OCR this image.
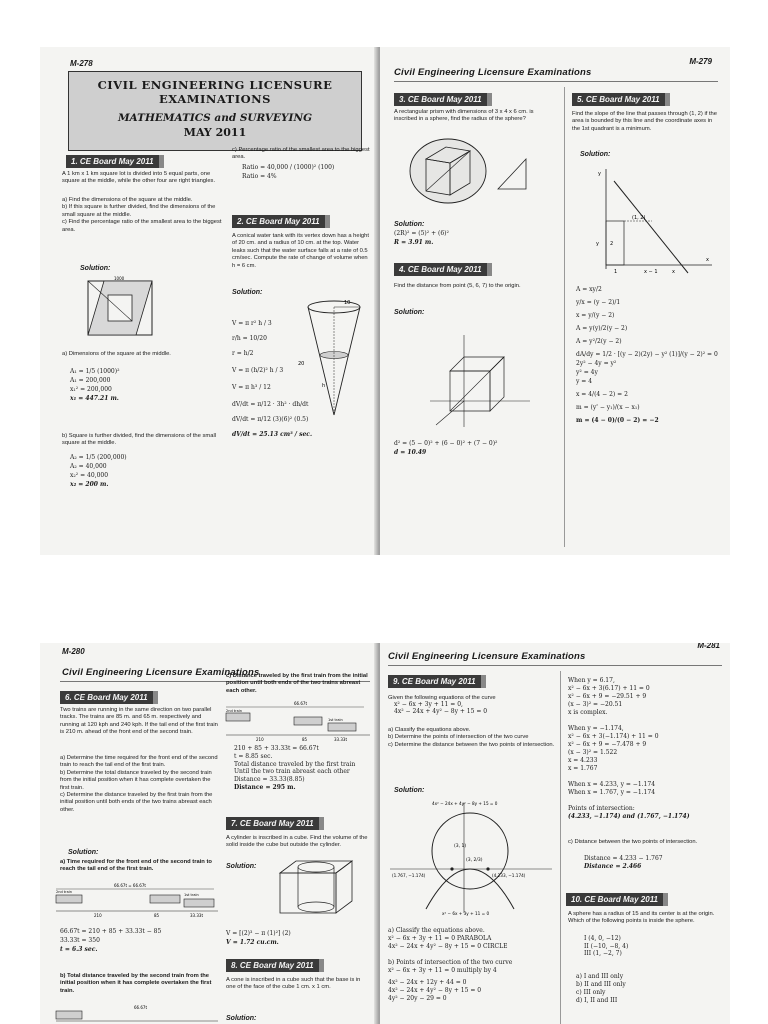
M-278
CIVIL ENGINEERING LICENSURE EXAMINATIONS
MATHEMATICS and SURVEYING
MAY 2011
1. CE Board May 2011
A 1 km x 1 km square lot is divided into 5 equal parts, one square at the middle, while the other four are right triangles.
a) Find the dimensions of the square at the middle.
b) If this square is further divided, find the dimensions of the small square at the middle.
c) Find the percentage ratio of the smallest area to the biggest area.
Solution:
1000
a) Dimensions of the square at the middle.
A₁ = 1/5 (1000)²
A₁ = 200,000
x₁² = 200,000
x₁ = 447.21 m.
b) Square is further divided, find the dimensions of the small square at the middle.
A₂ = 1/5 (200,000)
A₂ = 40,000
x₂² = 40,000
x₂ = 200 m.
c) Percentage ratio of the smallest area to the biggest area.
Ratio = 40,000 / (1000)² (100)
Ratio = 4%
2. CE Board May 2011
A conical water tank with its vertex down has a height of 20 cm. and a radius of 10 cm. at the top. Water leaks such that the water surface falls at a rate of 0.5 cm/sec. Compute the rate of change of volume when h = 6 cm.
Solution:
V = π r² h / 3
r/h = 10/20
r = h/2
V = π (h/2)² h / 3
V = π h³ / 12
dV/dt = π/12 · 3h² · dh/dt
dV/dt = π/12 (3)(6)² (0.5)
dV/dt = 25.13 cm³ / sec.
10
20
h
Civil Engineering Licensure Examinations
M-279
3. CE Board May 2011
A rectangular prism with dimensions of 3 x 4 x 6 cm. is inscribed in a sphere, find the radius of the sphere?
Solution:
(2R)² = (5)² + (6)²
R = 3.91 m.
4. CE Board May 2011
Find the distance from point (5, 6, 7) to the origin.
Solution:
d² = (5 − 0)² + (6 − 0)² + (7 − 0)²
d = 10.49
5. CE Board May 2011
Find the slope of the line that passes through (1, 2) if the area is bounded by this line and the coordinate axes in the 1st quadrant is a minimum.
Solution:
y
(1, 2)
x
y 2
1	x − 1	x
A = xy/2
y/x = (y − 2)/1
x = y/(y − 2)
A = y(y)/2(y − 2)
A = y²/2(y − 2)
dA/dy = 1/2 · [(y − 2)(2y) − y² (1)]/(y − 2)² = 0
2y² − 4y = y²
y² = 4y
y = 4
x = 4/(4 − 2) = 2
m = (y' − y₁)/(x − x₁)
m = (4 − 0)/(0 − 2) = −2
M-280
Civil Engineering Licensure Examinations
6. CE Board May 2011
Two trains are running in the same direction on two parallel tracks. The trains are 85 m. and 65 m. respectively and running at 120 kph and 240 kph. If the tail end of the first train is 210 m. ahead of the front end of the second train.
a) Determine the time required for the front end of the second train to reach the tail end of the first train.
b) Determine the total distance traveled by the second train from the initial position when it has complete overtaken the first train.
c) Determine the distance traveled by the first train from the initial position until both ends of the two trains abreast each other.
Solution:
a) Time required for the front end of the second train to reach the tail end of the first train.
2nd train
1st train
210	85	33.33t
66.67t = 66.67t
66.67t = 210 + 85 + 33.33t − 85
33.33t = 350
t = 6.3 sec.
b) Total distance traveled by the second train from the initial position when it has complete overtaken the first train.
66.67t
c) Distance traveled by the first train from the initial position until both ends of the two trains abreast each other.
66.67t
210	85	33.33t
2nd train
1st train
210 + 85 + 33.33t = 66.67t
t = 8.85 sec.
Total distance traveled by the first train
Until the two train abreast each other
Distance = 33.33(8.85)
Distance = 295 m.
7. CE Board May 2011
A cylinder is inscribed in a cube. Find the volume of the solid inside the cube but outside the cylinder.
Solution:
V = [(2)³ − π (1)²] (2)
V = 1.72 cu.cm.
8. CE Board May 2011
A cone is inscribed in a cube such that the base is in one of the face of the cube 1 cm. x 1 cm.
Solution:
M-281
Civil Engineering Licensure Examinations
9. CE Board May 2011
Given the following equations of the curve
x² − 6x + 3y + 11 = 0,
4x² − 24x + 4y² − 8y + 15 = 0
a) Classify the equations above.
b) Determine the points of intersection of the two curve
c) Determine the distance between the two points of intersection.
Solution:
4x² − 24x + 4y² − 8y + 15 = 0
(3, 1)
(3, 2/3)
(1.767, −1.174)	(4.233, −1.174)
x² − 6x + 3y + 11 = 0
a) Classify the equations above.
x² − 6x + 3y + 11 = 0 PARABOLA
4x² − 24x + 4y² − 8y + 15 = 0 CIRCLE
b) Points of intersection of the two curve
x² − 6x + 3y + 11 = 0 multiply by 4
4x² − 24x + 12y + 44 = 0
4x² − 24x + 4y² − 8y + 15 = 0
4y² − 20y − 29 = 0
When y = 6.17,
x² − 6x + 3(6.17) + 11 = 0
x² − 6x + 9 = −29.51 + 9
(x − 3)² = −20.51
x is complex.
When y = −1.174,
x² − 6x + 3(−1.174) + 11 = 0
x² − 6x + 9 = −7.478 + 9
(x − 3)² = 1.522
x = 4.233
x = 1.767
When x = 4.233, y = −1.174
When x = 1.767, y = −1.174
Points of intersection:
(4.233, −1.174) and (1.767, −1.174)
c) Distance between the two points of intersection.
Distance = 4.233 − 1.767
Distance = 2.466
10. CE Board May 2011
A sphere has a radius of 15 and its center is at the origin. Which of the following points is inside the sphere.
I (4, 0, −12)
II (−10, −8, 4)
III (1, −2, 7)
a) I and III only
b) II and III only
c) III only
d) I, II and III
